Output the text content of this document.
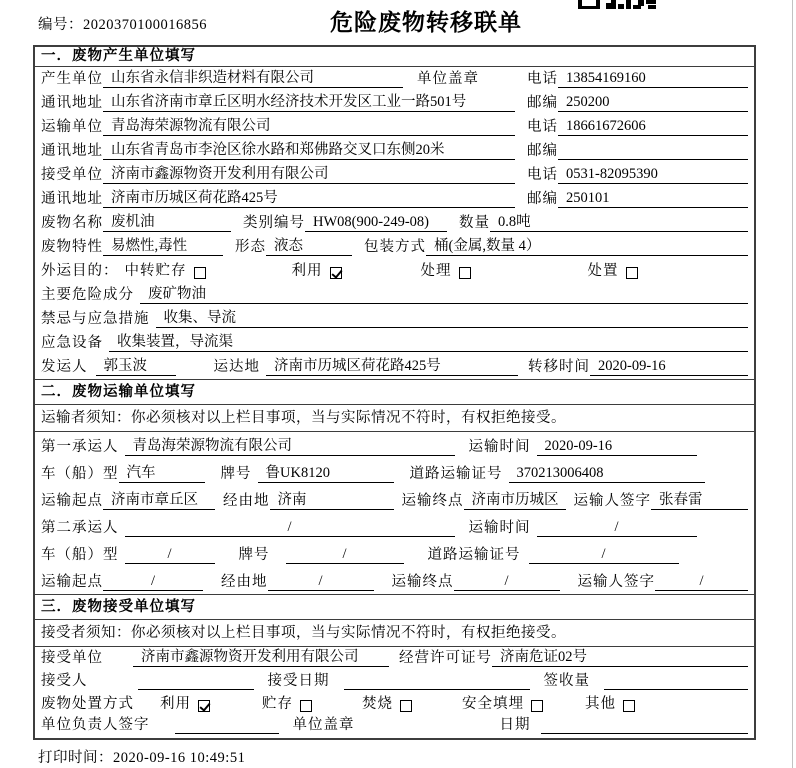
编号：2020370100016856	危险废物转移联单
一．废物产生单位填写
产生单位 山东省永信非织造材料有限公司	单位盖章	电话 13854169160
通讯地址 山东省济南市章丘区明水经济技术开发区工业一路501号	邮编 250200
运输单位 青岛海荣源物流有限公司	电话 18661672606
通讯地址 山东省青岛市李沧区徐水路和郑佛路交叉口东侧20米	邮编
接受单位 济南市鑫源物资开发利用有限公司	电话 0531-82095390
通讯地址 济南市历城区荷花路425号	邮编 250101
废物名称 废机油	类别编号 HW08(900-249-08)	数量 0.8吨
废物特性 易燃性,毒性	形态 液态	包装方式 桶(金属,数量 4）
外运目的： 中转贮存	利用	处理	处置
主要危险成分 废矿物油
禁忌与应急措施 收集、导流
应急设备 收集装置，导流渠
发运人	郭玉波	运达地 济南市历城区荷花路425号	转移时间 2020-09-16
二．废物运输单位填写
运输者须知：你必须核对以上栏目事项，当与实际情况不符时，有权拒绝接受。
第一承运人 青岛海荣源物流有限公司	运输时间 2020-09-16
车（船）型 汽车	牌号 鲁UK8120	道路运输证号 370213006408
运输起点 济南市章丘区	经由地 济南	运输终点 济南市历城区	运输人签字 张春雷
第二承运人	/	运输时间	/
车（船）型	/	牌号	/	道路运输证号	/
运输起点	/	经由地	/	运输终点	/	运输人签字	/
三．废物接受单位填写
接受者须知：你必须核对以上栏目事项，当与实际情况不符时，有权拒绝接受。
接受单位	济南市鑫源物资开发利用有限公司	经营许可证号 济南危证02号
接受人	接受日期	签收量
废物处置方式 利用	贮存	焚烧	安全填埋	其他
单位负责人签字	单位盖章	日期
打印时间：2020-09-16 10:49:51
